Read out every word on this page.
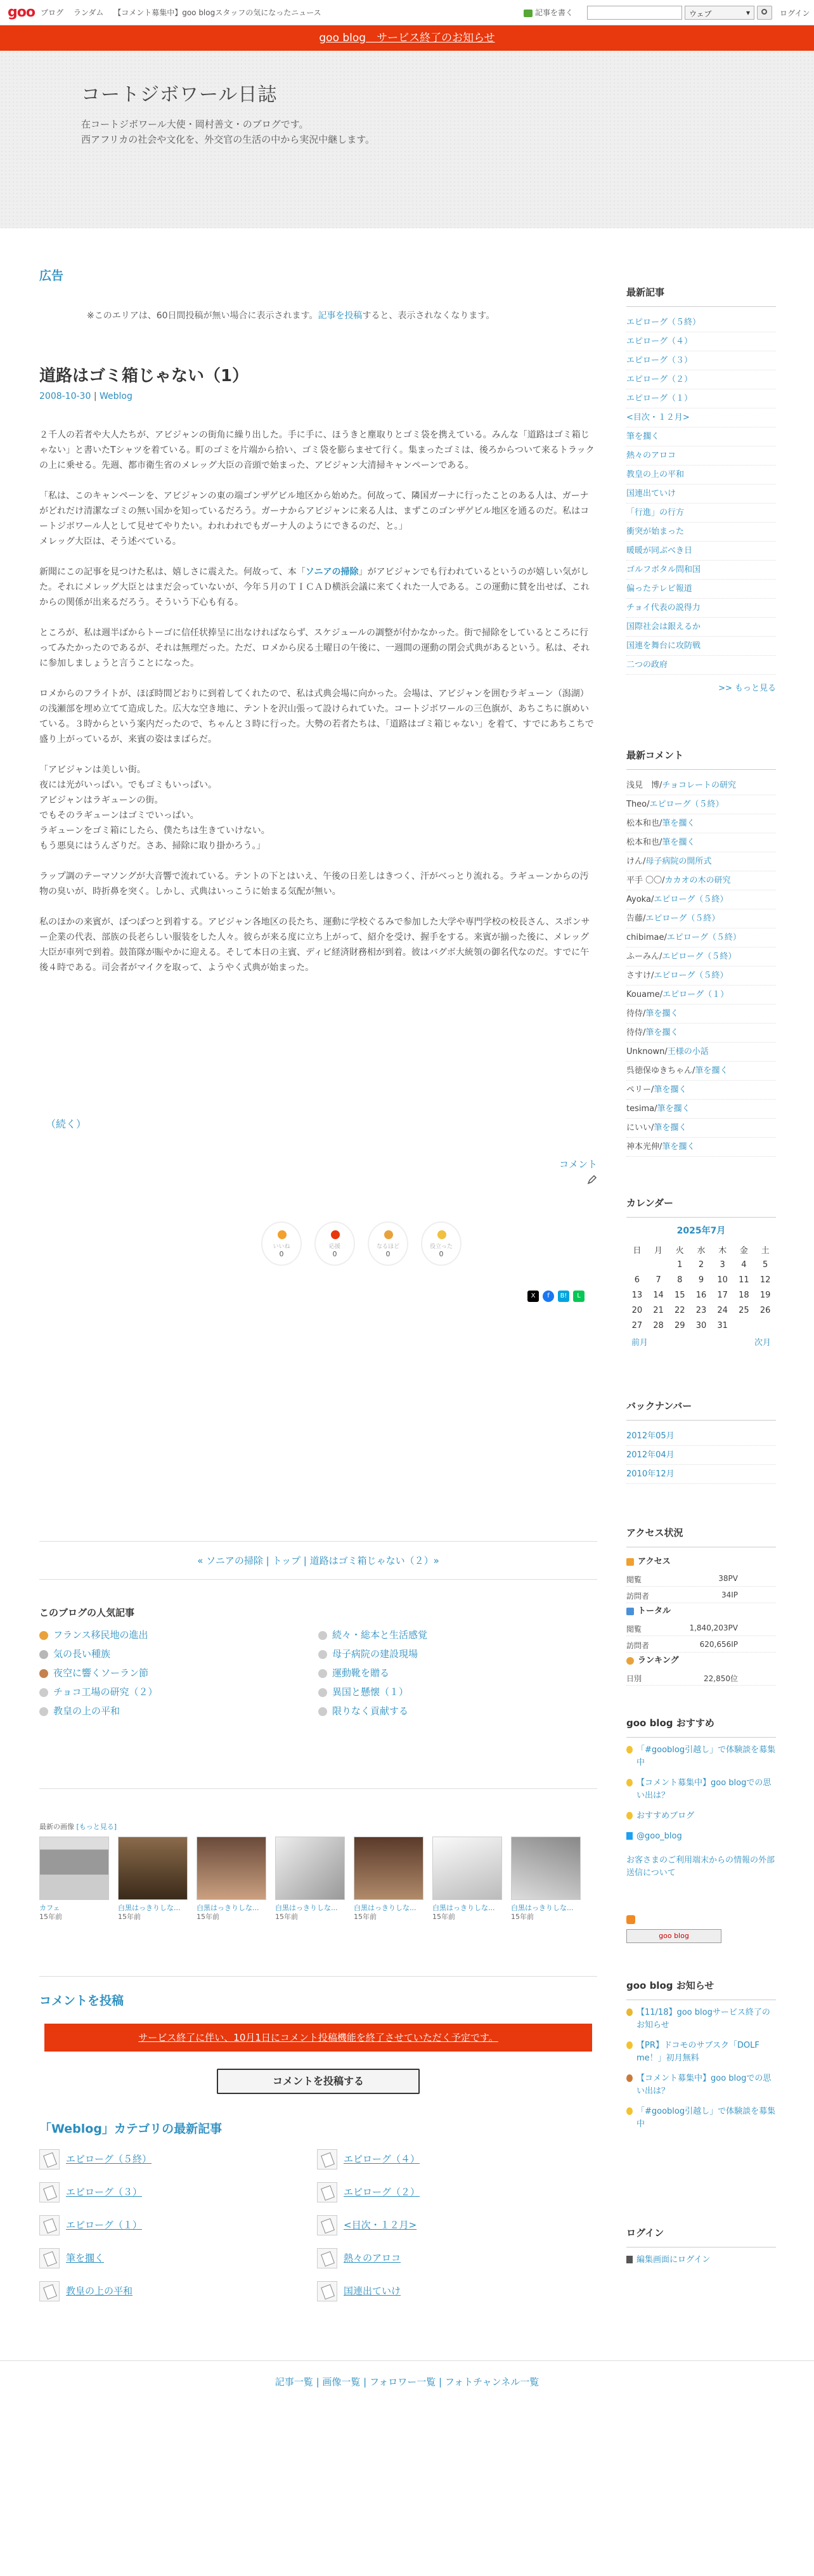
goo ブログ ランダム 【コメント募集中】goo blogスタッフの気になったニュース	記事を書く	ウェブ	▾	ログイン
goo blog　サービス終了のお知らせ
コートジボワール日誌
在コートジボワール大使・岡村善文・のブログです。
西アフリカの社会や文化を、外交官の生活の中から実況中継します。
広告
※このエリアは、60日間投稿が無い場合に表示されます。記事を投稿すると、表示されなくなります。
道路はゴミ箱じゃない（1）
2008-10-30 | Weblog

２千人の若者や大人たちが、アビジャンの街角に繰り出した。手に手に、ほうきと塵取りとゴミ袋を携えている。みんな「道路はゴミ箱じゃない」と書いたTシャツを着ている。町のゴミを片端から拾い、ゴミ袋を膨らませて行く。集まったゴミは、後ろからついて来るトラックの上に乗せる。先週、都市衛生省のメレッグ大臣の音頭で始まった、アビジャン大清掃キャンペーンである。

「私は、このキャンペーンを、アビジャンの東の端ゴンザゲビル地区から始めた。何故って、隣国ガーナに行ったことのある人は、ガーナがどれだけ清潔なゴミの無い国かを知っているだろう。ガーナからアビジャンに来る人は、まずこのゴンザゲビル地区を通るのだ。私はコートジボワール人として見せてやりたい。われわれでもガーナ人のようにできるのだ、と。」
メレッグ大臣は、そう述べている。

新聞にこの記事を見つけた私は、嬉しさに震えた。何故って、本「ソニアの掃除」がアビジャンでも行われているというのが嬉しい気がした。それにメレッグ大臣とはまだ会っていないが、今年５月のＴＩＣＡＤ横浜会議に来てくれた一人である。この運動に賛を出せば、これからの関係が出来るだろう。そういう下心も有る。

ところが、私は週半ばからトーゴに信任状捧呈に出なければならず、スケジュールの調整が付かなかった。街で掃除をしているところに行ってみたかったのであるが、それは無理だった。ただ、ロメから戻る土曜日の午後に、一週間の運動の閉会式典があるという。私は、それに参加しましょうと言うことになった。

ロメからのフライトが、ほぼ時間どおりに到着してくれたので、私は式典会場に向かった。会場は、アビジャンを囲むラギューン（潟湖）の浅瀬部を埋め立てて造成した。広大な空き地に、テントを沢山張って設けられていた。コートジボワールの三色旗が、あちこちに旗めいている。３時からという案内だったので、ちゃんと３時に行った。大勢の若者たちは、「道路はゴミ箱じゃない」を着て、すでにあちこちで盛り上がっているが、来賓の姿はまばらだ。

「アビジャンは美しい街。
夜には光がいっぱい。でもゴミもいっぱい。
アビジャンはラギューンの街。
でもそのラギューンはゴミでいっぱい。
ラギューンをゴミ箱にしたら、僕たちは生きていけない。
もう悪臭にはうんざりだ。さあ、掃除に取り掛かろう。」

ラップ調のテーマソングが大音響で流れている。テントの下とはいえ、午後の日差しはきつく、汗がべっとり流れる。ラギューンからの汚物の臭いが、時折鼻を突く。しかし、式典はいっこうに始まる気配が無い。

私のほかの来賓が、ぽつぽつと到着する。アビジャン各地区の長たち、運動に学校ぐるみで参加した大学や専門学校の校長さん、スポンサー企業の代表、部族の長老らしい服装をした人々。彼らが来る度に立ち上がって、紹介を受け、握手をする。来賓が揃った後に、メレッグ大臣が車列で到着。鼓笛隊が賑やかに迎える。そして本日の主賓、ディビ経済財務相が到着。彼はバグボ大統領の御名代なのだ。すでに午後４時である。司会者がマイクを取って、ようやく式典が始まった。

（続く）
コメント
いいね
0
応援
0
なるほど
0
役立った
0
X	f	B!	L
« ソニアの掃除 | トップ | 道路はゴミ箱じゃない（２）»
このブログの人気記事
フランス移民地の進出
気の長い種族
夜空に響くソーラン節
チョコ工場の研究（２）
教皇の上の平和
続々・総本と生活感覚
母子病院の建設現場
運動靴を贈る
異国と懸懐（１）
限りなく貢献する
最新の画像 [もっと見る]
カフェ
15年前
白黒はっきりしな...
15年前
白黒はっきりしな...
15年前
白黒はっきりしな...
15年前
白黒はっきりしな...
15年前
白黒はっきりしな...
15年前
白黒はっきりしな...
15年前
コメントを投稿
サービス終了に伴い、10月1日にコメント投稿機能を終了させていただく予定です。
コメントを投稿する
「Weblog」カテゴリの最新記事
エピローグ（５終）
エピローグ（３）
エピローグ（１）
筆を擱く
教皇の上の平和
エピローグ（４）
エピローグ（２）
<目次・１２月>
熱々のアロコ
国連出ていけ
記事一覧 | 画像一覧 | フォロワー一覧 | フォトチャンネル一覧
最新記事
エピローグ（５終）
エピローグ（４）
エピローグ（３）
エピローグ（２）
エピローグ（１）
<目次・１２月>
筆を擱く
熱々のアロコ
教皇の上の平和
国連出ていけ
「行進」の行方
衝突が始まった
暖暖が同ぶべき日
ゴルフボタル問和国
偏ったテレビ報道
チョイ代表の説得力
国際社会は銀えるか
国連を舞台に攻防戦
二つの政府
>> もっと見る
最新コメント
浅見　博/チョコレートの研究
Theo/エピローグ（５終）
松本和也/筆を擱く
松本和也/筆を擱く
けん/母子病院の開所式
平手 〇〇/カカオの木の研究
Ayoka/エピローグ（５終）
告藤/エピローグ（５終）
chibimae/エピローグ（５終）
ふーみん/エピローグ（５終）
さすけ/エピローグ（５終）
Kouame/エピローグ（１）
待侍/筆を擱く
待侍/筆を擱く
Unknown/王様の小話
呉徳保ゆきちゃん/筆を擱く
ペリー/筆を擱く
tesima/筆を擱く
にいい/筆を擱く
神本光伸/筆を擱く
カレンダー
2025年7月
日	月	火	水	木	金	土
		1	2	3	4	5
6	7	8	9	10	11	12
13	14	15	16	17	18	19
20	21	22	23	24	25	26
27	28	29	30	31		
前月	次月
バックナンバー
2012年05月
2012年04月
2010年12月
アクセス状況
アクセス
閲覧	38PV
訪問者	34IP
トータル
閲覧	1,840,203PV
訪問者	620,656IP
ランキング
日別	22,850位
goo blog おすすめ
「#gooblog引越し」で体験談を募集中
【コメント募集中】goo blogでの思い出は？
おすすめブログ
@goo_blog
お客さまのご利用端末からの情報の外部送信について
goo blog
goo blog お知らせ
【11/18】goo blogサービス終了のお知らせ
【PR】ドコモのサブスク「DOLF me！」初月無料
【コメント募集中】goo blogでの思い出は？
「#gooblog引越し」で体験談を募集中
ログイン
編集画面にログイン
